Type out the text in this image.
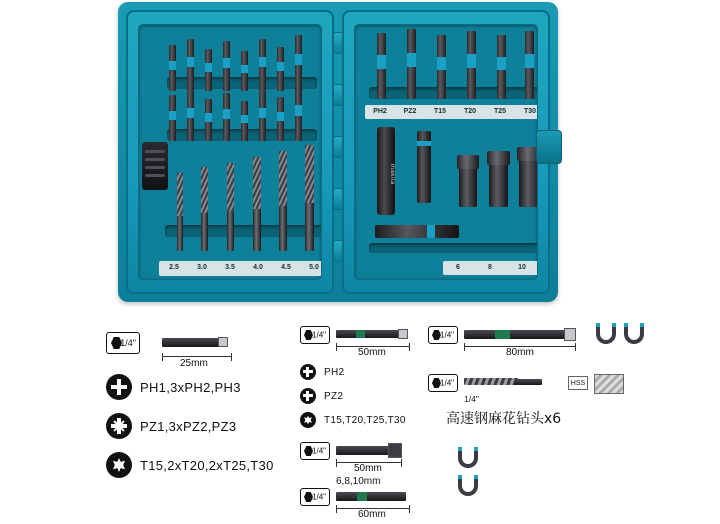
2.5	3.0	3.5	4.0	4.5	5.0
PH2	PZ2	T15	T20	T25	T30
makita
6	8	10
1/4"
25mm
PH1,3xPH2,PH3
PZ1,3xPZ2,PZ3
T15,2xT20,2xT25,T30
1/4"
50mm
PH2
PZ2
T15,T20,T25,T30
1/4"
50mm
6,8,10mm
1/4"
60mm
1/4"
80mm
1/4"
1/4"
HSS
高速钢麻花钻头x6
